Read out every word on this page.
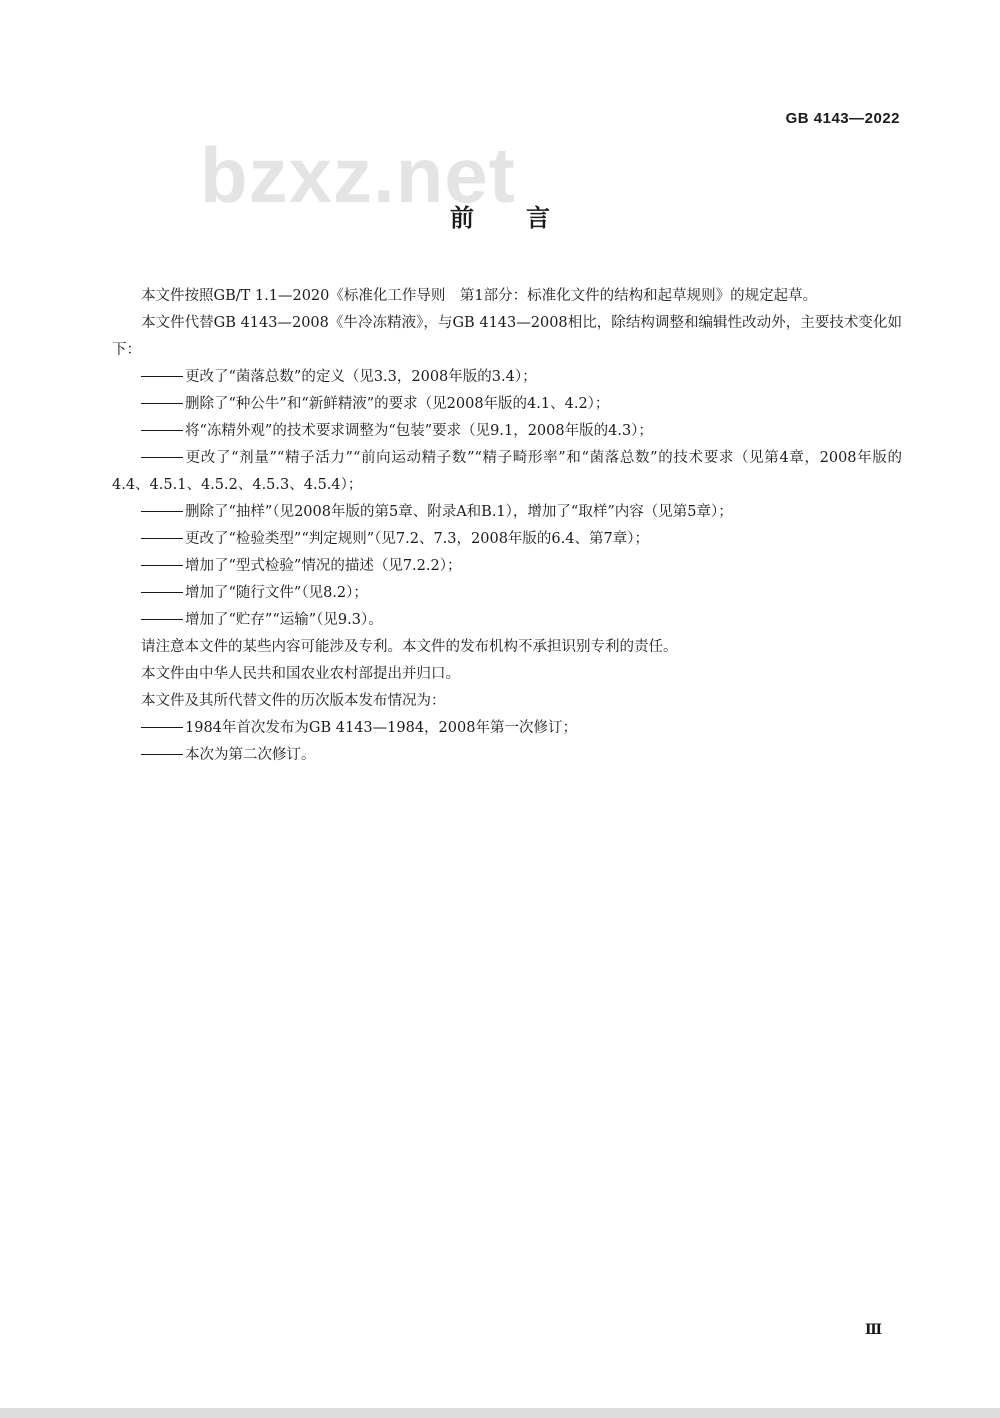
bzxz.net
GB 4143—2022
前言

本文件按照GB/T 1.1—2020《标准化工作导则　第1部分：标准化文件的结构和起草规则》的规定起草。

本文件代替GB 4143—2008《牛冷冻精液》，与GB 4143—2008相比，除结构调整和编辑性改动外，主要技术变化如下：

更改了“菌落总数”的定义（见3.3，2008年版的3.4）；

删除了“种公牛”和“新鲜精液”的要求（见2008年版的4.1、4.2）；

将“冻精外观”的技术要求调整为“包装”要求（见9.1，2008年版的4.3）；

更改了“剂量”“精子活力”“前向运动精子数”“精子畸形率”和“菌落总数”的技术要求（见第4章，2008年版的4.4、4.5.1、4.5.2、4.5.3、4.5.4）；

删除了“抽样”（见2008年版的第5章、附录A和B.1），增加了“取样”内容（见第5章）；

更改了“检验类型”“判定规则”（见7.2、7.3，2008年版的6.4、第7章）；

增加了“型式检验”情况的描述（见7.2.2）；

增加了“随行文件”（见8.2）；

增加了“贮存”“运输”（见9.3）。

请注意本文件的某些内容可能涉及专利。本文件的发布机构不承担识别专利的责任。

本文件由中华人民共和国农业农村部提出并归口。

本文件及其所代替文件的历次版本发布情况为：

1984年首次发布为GB 4143—1984，2008年第一次修订；

本次为第二次修订。

Ⅲ
